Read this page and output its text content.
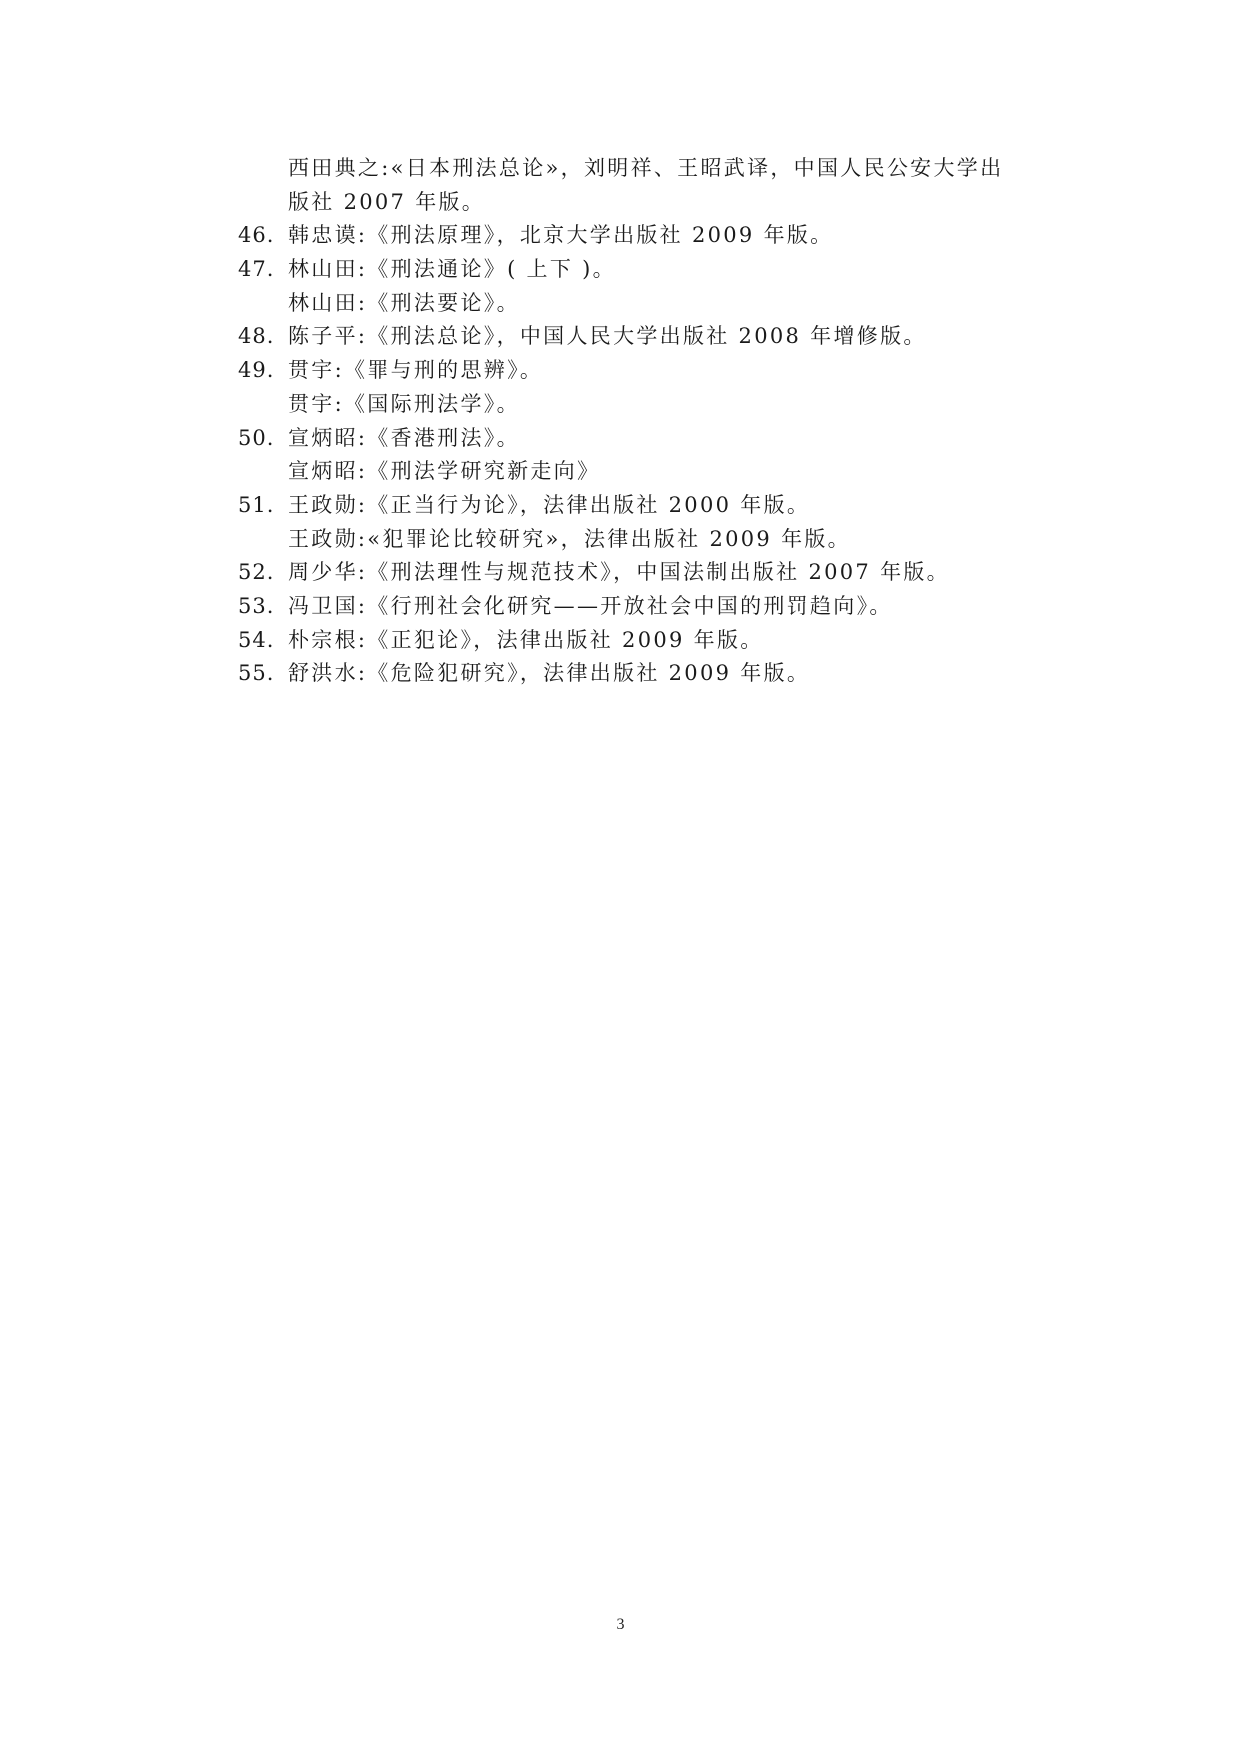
西田典之:«日本刑法总论»，刘明祥、王昭武译，中国人民公安大学出
版社 2007 年版。
46. 韩忠谟:《刑法原理》，北京大学出版社 2009 年版。
47. 林山田:《刑法通论》( 上下 )。
林山田:《刑法要论》。
48. 陈子平:《刑法总论》，中国人民大学出版社 2008 年增修版。
49. 贯宇:《罪与刑的思辨》。
贯宇:《国际刑法学》。
50. 宣炳昭:《香港刑法》。
宣炳昭:《刑法学研究新走向》
51. 王政勋:《正当行为论》，法律出版社 2000 年版。
王政勋:«犯罪论比较研究»，法律出版社 2009 年版。
52. 周少华:《刑法理性与规范技术》，中国法制出版社 2007 年版。
53. 冯卫国:《行刑社会化研究——开放社会中国的刑罚趋向》。
54. 朴宗根:《正犯论》，法律出版社 2009 年版。
55. 舒洪水:《危险犯研究》，法律出版社 2009 年版。
3
